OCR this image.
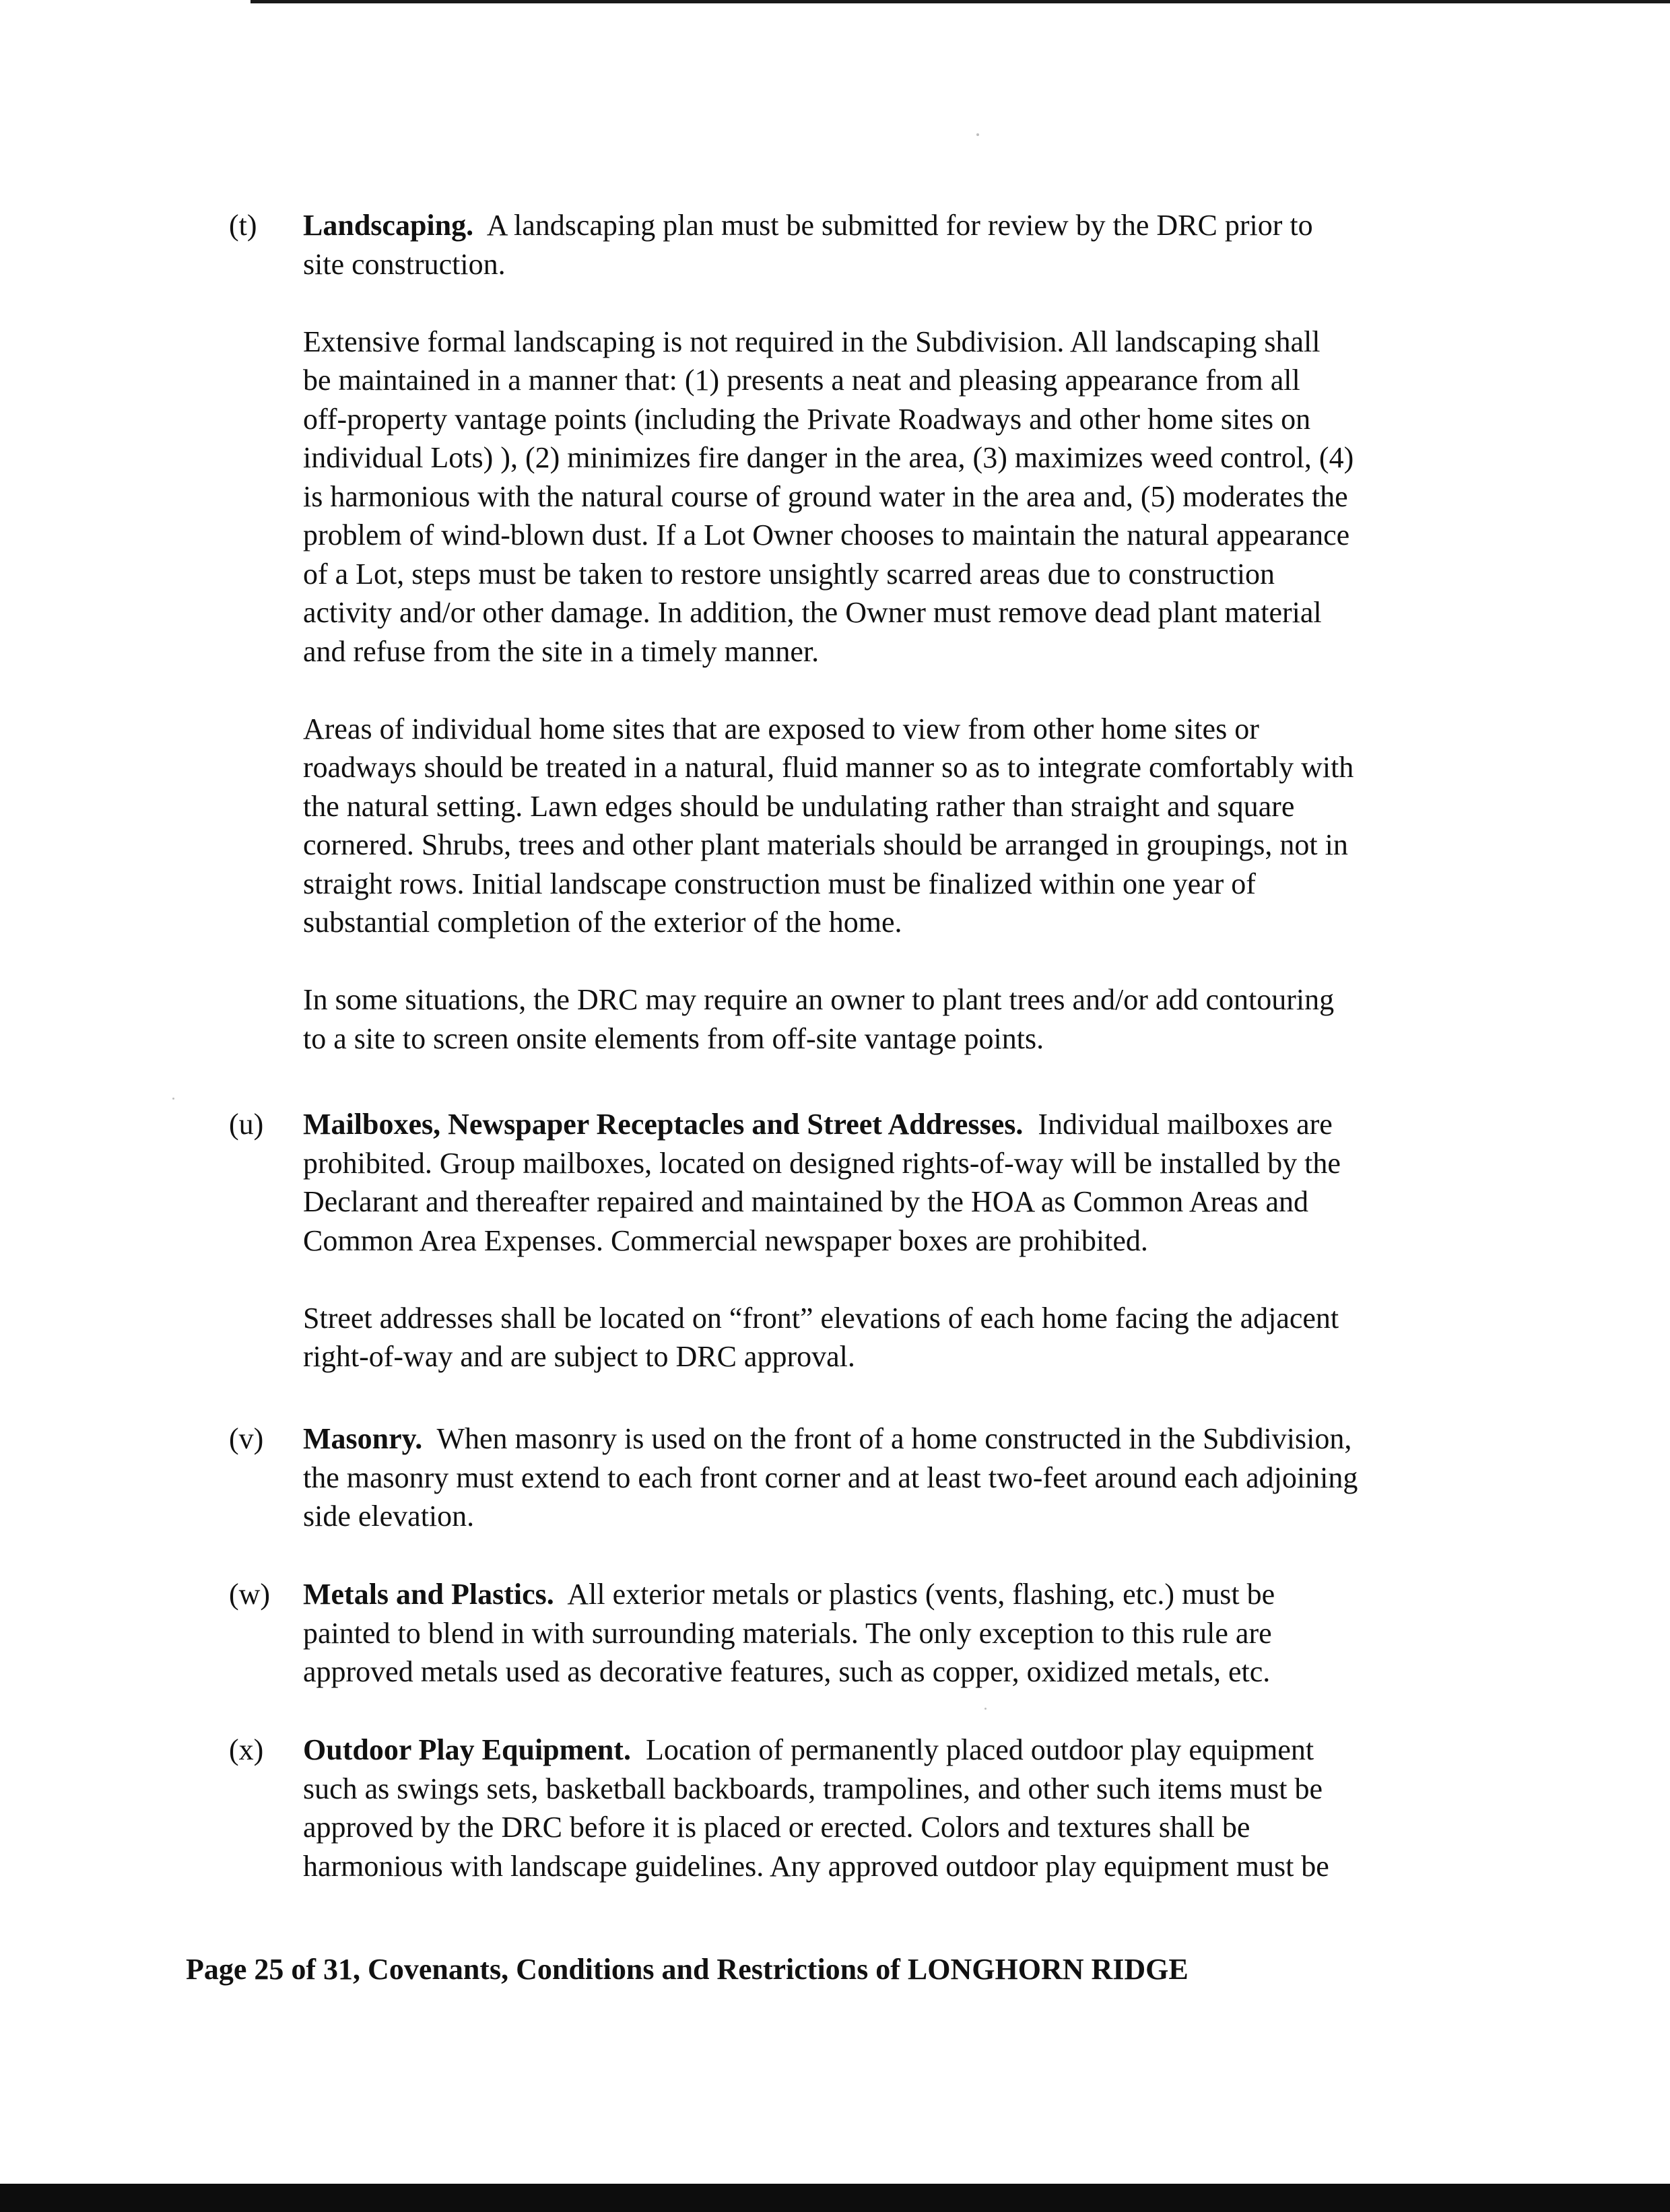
(t)	Landscaping. A landscaping plan must be submitted for review by the DRC prior to
site construction.

Extensive formal landscaping is not required in the Subdivision. All landscaping shall
be maintained in a manner that: (1) presents a neat and pleasing appearance from all
off-property vantage points (including the Private Roadways and other home sites on
individual Lots) ), (2) minimizes fire danger in the area, (3) maximizes weed control, (4)
is harmonious with the natural course of ground water in the area and, (5) moderates the
problem of wind-blown dust. If a Lot Owner chooses to maintain the natural appearance
of a Lot, steps must be taken to restore unsightly scarred areas due to construction
activity and/or other damage. In addition, the Owner must remove dead plant material
and refuse from the site in a timely manner.

Areas of individual home sites that are exposed to view from other home sites or
roadways should be treated in a natural, fluid manner so as to integrate comfortably with
the natural setting. Lawn edges should be undulating rather than straight and square
cornered. Shrubs, trees and other plant materials should be arranged in groupings, not in
straight rows. Initial landscape construction must be finalized within one year of
substantial completion of the exterior of the home.

In some situations, the DRC may require an owner to plant trees and/or add contouring
to a site to screen onsite elements from off-site vantage points.

(u)	Mailboxes, Newspaper Receptacles and Street Addresses. Individual mailboxes are
prohibited. Group mailboxes, located on designed rights-of-way will be installed by the
Declarant and thereafter repaired and maintained by the HOA as Common Areas and
Common Area Expenses. Commercial newspaper boxes are prohibited.

Street addresses shall be located on “front” elevations of each home facing the adjacent
right-of-way and are subject to DRC approval.

(v)	Masonry. When masonry is used on the front of a home constructed in the Subdivision,
the masonry must extend to each front corner and at least two-feet around each adjoining
side elevation.

(w)	Metals and Plastics. All exterior metals or plastics (vents, flashing, etc.) must be
painted to blend in with surrounding materials. The only exception to this rule are
approved metals used as decorative features, such as copper, oxidized metals, etc.

(x)	Outdoor Play Equipment. Location of permanently placed outdoor play equipment
such as swings sets, basketball backboards, trampolines, and other such items must be
approved by the DRC before it is placed or erected. Colors and textures shall be
harmonious with landscape guidelines. Any approved outdoor play equipment must be

Page 25 of 31, Covenants, Conditions and Restrictions of LONGHORN RIDGE
